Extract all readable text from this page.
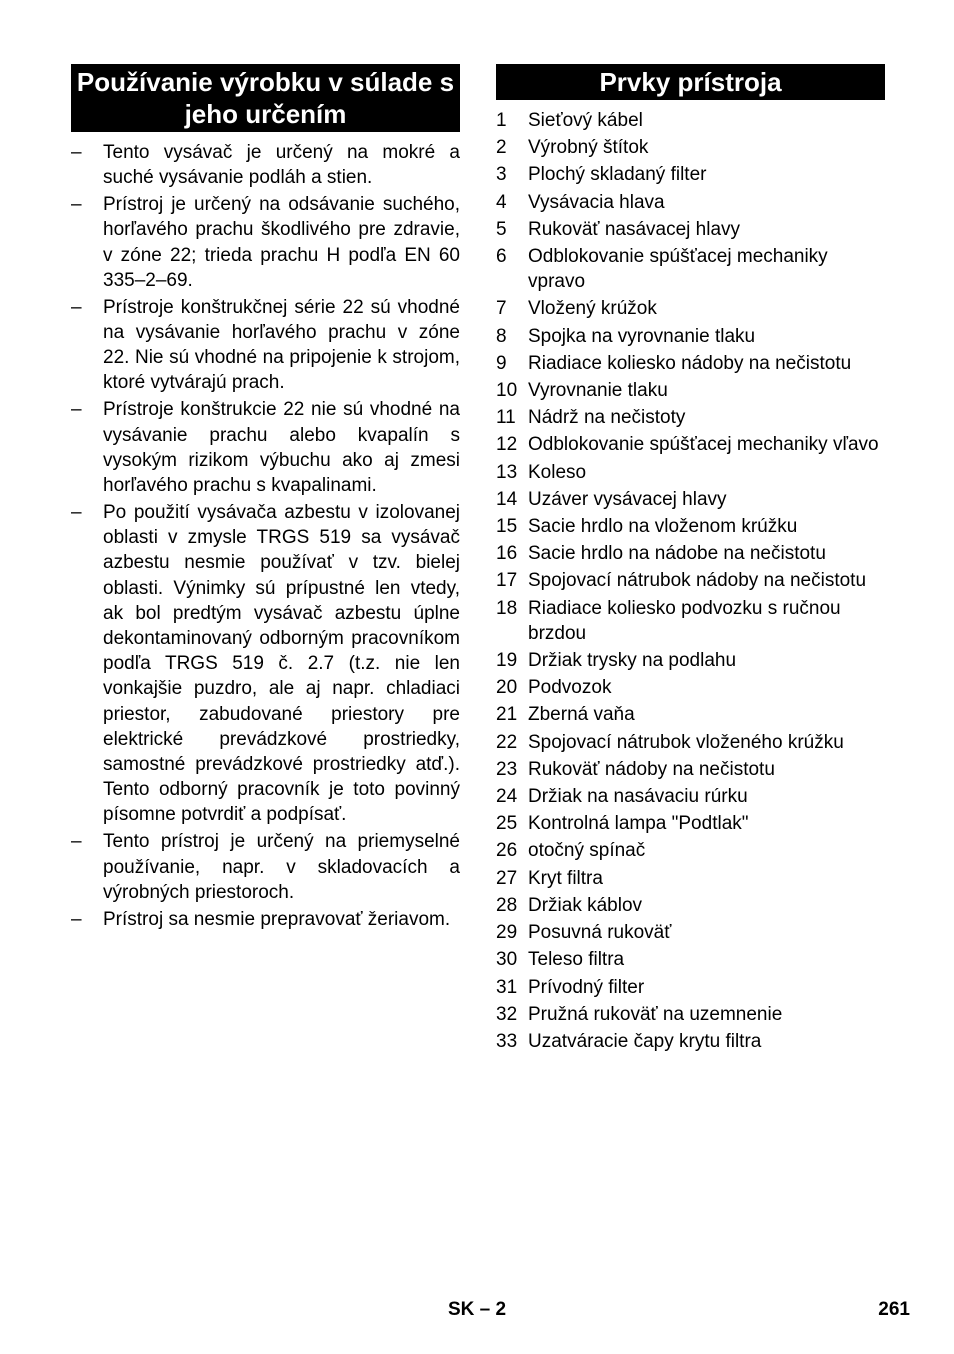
Používanie výrobku v súlade s jeho určením
– Tento vysávač je určený na mokré a suché vysávanie podláh a stien.
– Prístroj je určený na odsávanie suchého, horľavého prachu škodlivého pre zdravie, v zóne 22; trieda prachu H podľa EN 60 335–2–69.
– Prístroje konštrukčnej série 22 sú vhodné na vysávanie horľavého prachu v zóne 22. Nie sú vhodné na pripojenie k strojom, ktoré vytvárajú prach.
– Prístroje konštrukcie 22 nie sú vhodné na vysávanie prachu alebo kvapalín s vysokým rizikom výbuchu ako aj zmesi horľavého prachu s kvapalinami.
– Po použití vysávača azbestu v izolovanej oblasti v zmysle TRGS 519 sa vysávač azbestu nesmie používať v tzv. bielej oblasti. Výnimky sú prípustné len vtedy, ak bol predtým vysávač azbestu úplne dekontaminovaný odborným pracovníkom podľa TRGS 519 č. 2.7 (t.z. nie len vonkajšie puzdro, ale aj napr. chladiaci priestor, zabudované priestory pre elektrické prevádzkové prostriedky, samostné prevádzkové prostriedky atď.). Tento odborný pracovník je toto povinný písomne potvrdiť a podpísať.
– Tento prístroj je určený na priemyselné používanie, napr. v skladovacích a výrobných priestoroch.
– Prístroj sa nesmie prepravovať žeriavom.
Prvky prístroja
1 Sieťový kábel
2 Výrobný štítok
3 Plochý skladaný filter
4 Vysávacia hlava
5 Rukoväť nasávacej hlavy
6 Odblokovanie spúšťacej mechaniky vpravo
7 Vložený krúžok
8 Spojka na vyrovnanie tlaku
9 Riadiace koliesko nádoby na nečistotu
10 Vyrovnanie tlaku
11 Nádrž na nečistoty
12 Odblokovanie spúšťacej mechaniky vľavo
13 Koleso
14 Uzáver vysávacej hlavy
15 Sacie hrdlo na vloženom krúžku
16 Sacie hrdlo na nádobe na nečistotu
17 Spojovací nátrubok nádoby na nečistotu
18 Riadiace koliesko podvozku s ručnou brzdou
19 Držiak trysky na podlahu
20 Podvozok
21 Zberná vaňa
22 Spojovací nátrubok vloženého krúžku
23 Rukoväť nádoby na nečistotu
24 Držiak na nasávaciu rúrku
25 Kontrolná lampa "Podtlak"
26 otočný spínač
27 Kryt filtra
28 Držiak káblov
29 Posuvná rukoväť
30 Teleso filtra
31 Prívodný filter
32 Pružná rukoväť na uzemnenie
33 Uzatváracie čapy krytu filtra
SK – 2	261
